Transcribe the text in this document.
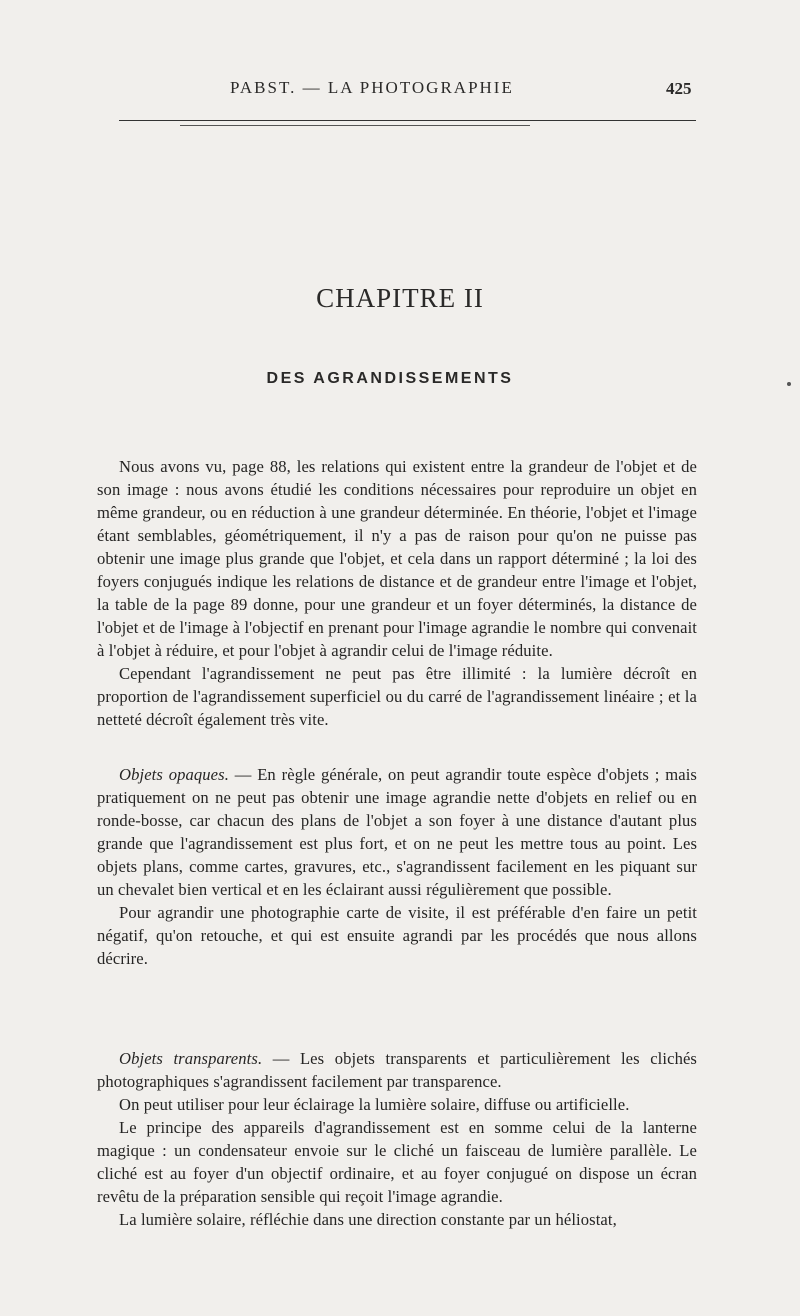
PABST. — LA PHOTOGRAPHIE	425
CHAPITRE II
DES AGRANDISSEMENTS

Nous avons vu, page 88, les relations qui existent entre la grandeur de l'objet et de son image : nous avons étudié les conditions nécessaires pour reproduire un objet en même grandeur, ou en réduction à une grandeur déterminée. En théorie, l'objet et l'image étant semblables, géométriquement, il n'y a pas de raison pour qu'on ne puisse pas obtenir une image plus grande que l'objet, et cela dans un rapport déterminé ; la loi des foyers conjugués indique les relations de distance et de grandeur entre l'image et l'objet, la table de la page 89 donne, pour une grandeur et un foyer déterminés, la distance de l'objet et de l'image à l'objectif en prenant pour l'image agrandie le nombre qui convenait à l'objet à réduire, et pour l'objet à agrandir celui de l'image réduite.

Cependant l'agrandissement ne peut pas être illimité : la lumière décroît en proportion de l'agrandissement superficiel ou du carré de l'agrandissement linéaire ; et la netteté décroît également très vite.

Objets opaques. — En règle générale, on peut agrandir toute espèce d'objets ; mais pratiquement on ne peut pas obtenir une image agrandie nette d'objets en relief ou en ronde-bosse, car chacun des plans de l'objet a son foyer à une distance d'autant plus grande que l'agrandissement est plus fort, et on ne peut les mettre tous au point. Les objets plans, comme cartes, gravures, etc., s'agrandissent facilement en les piquant sur un chevalet bien vertical et en les éclairant aussi régulièrement que possible.

Pour agrandir une photographie carte de visite, il est préférable d'en faire un petit négatif, qu'on retouche, et qui est ensuite agrandi par les procédés que nous allons décrire.

Objets transparents. — Les objets transparents et particulièrement les clichés photographiques s'agrandissent facilement par transparence.

On peut utiliser pour leur éclairage la lumière solaire, diffuse ou artificielle.

Le principe des appareils d'agrandissement est en somme celui de la lanterne magique : un condensateur envoie sur le cliché un faisceau de lumière parallèle. Le cliché est au foyer d'un objectif ordinaire, et au foyer conjugué on dispose un écran revêtu de la préparation sensible qui reçoit l'image agrandie.

La lumière solaire, réfléchie dans une direction constante par un héliostat,
